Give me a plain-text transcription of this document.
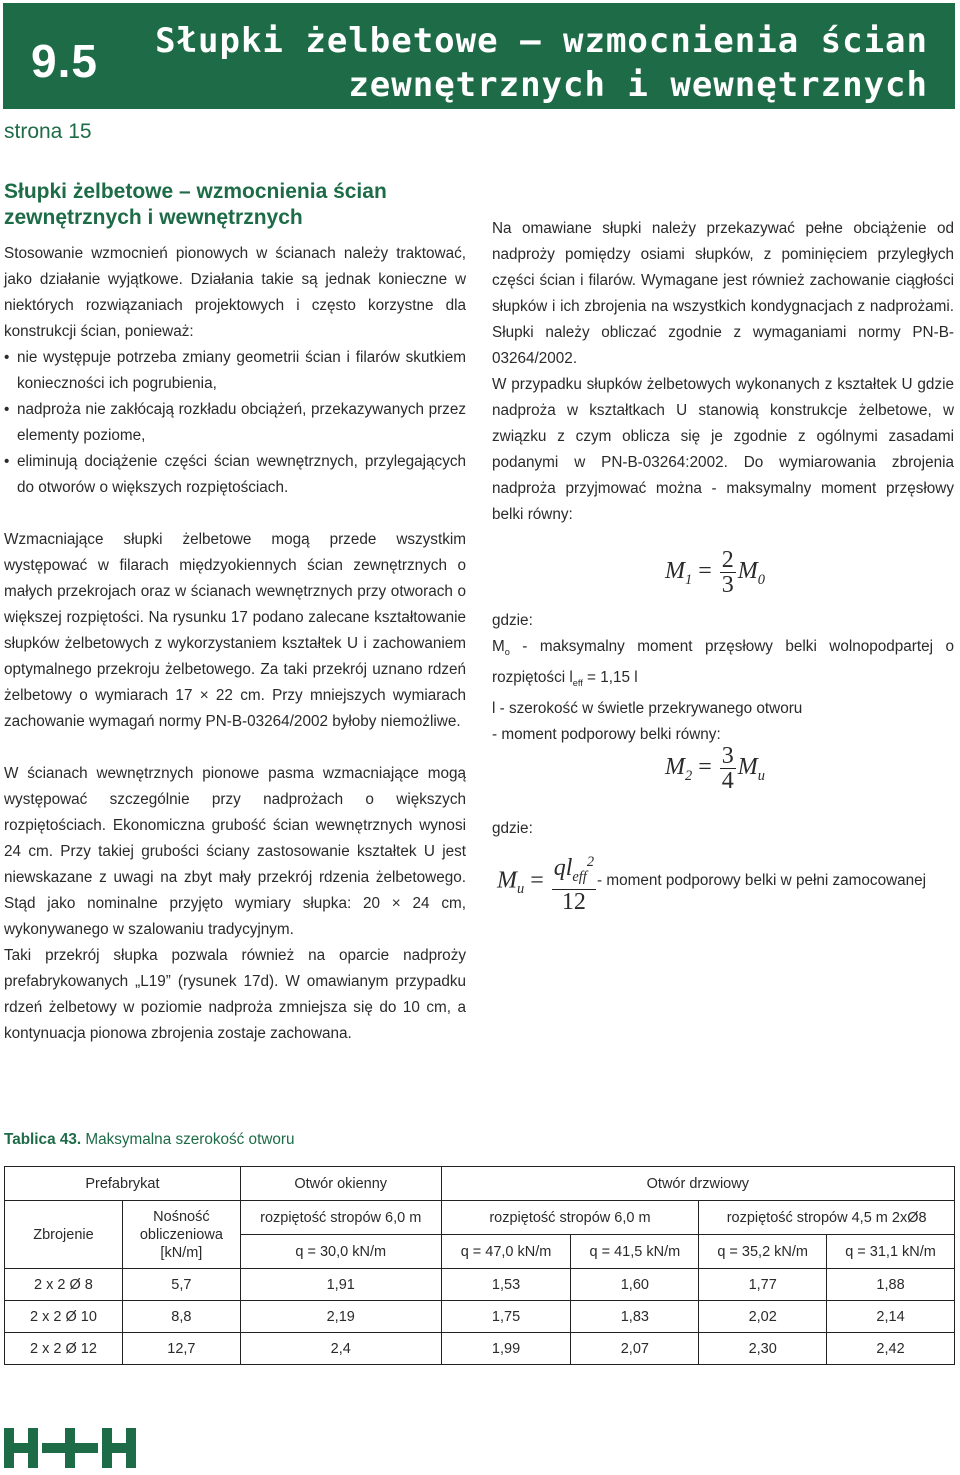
9.5 Słupki żelbetowe – wzmocnienia ścian
zewnętrznych i wewnętrznych
strona 15
Słupki żelbetowe – wzmocnienia ścian zewnętrznych i wewnętrznych

Stosowanie wzmocnień pionowych w ścianach należy traktować, jako działanie wyjątkowe. Działania takie są jednak konieczne w niektórych rozwiązaniach projektowych i często korzystne dla konstrukcji ścian, ponieważ:

• nie występuje potrzeba zmiany geometrii ścian i filarów skutkiem konieczności ich pogrubienia,
• nadproża nie zakłócają rozkładu obciążeń, przekazywanych przez elementy poziome,
• eliminują dociążenie części ścian wewnętrznych, przylegających do otworów o większych rozpiętościach.

Wzmacniające słupki żelbetowe mogą przede wszystkim występować w filarach międzyokiennych ścian zewnętrznych o małych przekrojach oraz w ścianach wewnętrznych przy otworach o większej rozpiętości. Na rysunku 17 podano zalecane kształtowanie słupków żelbetowych z wykorzystaniem kształtek U i zachowaniem optymalnego przekroju żelbetowego. Za taki przekrój uznano rdzeń żelbetowy o wymiarach 17 × 22 cm. Przy mniejszych wymiarach zachowanie wymagań normy PN-B-03264/2002 byłoby niemożliwe.

W ścianach wewnętrznych pionowe pasma wzmacniające mogą występować szczególnie przy nadprożach o większych rozpiętościach. Ekonomiczna grubość ścian wewnętrznych wynosi 24 cm. Przy takiej grubości ściany zastosowanie kształtek U jest niewskazane z uwagi na zbyt mały przekrój rdzenia żelbetowego. Stąd jako nominalne przyjęto wymiary słupka: 20 × 24 cm, wykonywanego w szalowaniu tradycyjnym.

Taki przekrój słupka pozwala również na oparcie nadproży prefabrykowanych „L19” (rysunek 17d). W omawianym przypadku rdzeń żelbetowy w poziomie nadproża zmniejsza się do 10 cm, a kontynuacja pionowa zbrojenia zostaje zachowana.

Na omawiane słupki należy przekazywać pełne obciążenie od nadproży pomiędzy osiami słupków, z pominięciem przyległych części ścian i filarów. Wymagane jest również zachowanie ciągłości słupków i ich zbrojenia na wszystkich kondygnacjach z nadprożami. Słupki należy obliczać zgodnie z wymaganiami normy PN-B-03264/2002.

W przypadku słupków żelbetowych wykonanych z kształtek U gdzie nadproża w kształtkach U stanowią konstrukcje żelbetowe, w związku z czym oblicza się je zgodnie z ogólnymi zasadami podanymi w PN-B-03264:2002. Do wymiarowania zbrojenia nadproża przyjmować można - maksymalny moment przęsłowy belki równy:

$M_1 = \frac{2}{3} M_0$

gdzie:

$M_o$ - maksymalny moment przęsłowy belki wolnopodpartej o rozpiętości $l_{eff} = 1,15$ l

l - szerokość w świetle przekrywanego otworu

- moment podporowy belki równy:

$M_2 = \frac{3}{4} M_u$
gdzie:
$M_u = \frac{ql_{eff}^2}{12}$ - moment podporowy belki w pełni zamocowanej
Tablica 43. Maksymalna szerokość otworu
Prefabrykat		Otwór okienny	Otwór drzwiowy			
Zbrojenie	Nośność obliczeniowa [kN/m]	rozpiętość stropów 6,0 m	rozpiętość stropów 6,0 m		rozpiętość stropów 4,5 m 2xØ8	
		q = 30,0 kN/m	q = 47,0 kN/m	q = 41,5 kN/m	q = 35,2 kN/m	q = 31,1 kN/m
2 x 2 Ø 8	5,7	1,91	1,53	1,60	1,77	1,88
2 x 2 Ø 10	8,8	2,19	1,75	1,83	2,02	2,14
2 x 2 Ø 12	12,7	2,4	1,99	2,07	2,30	2,42
